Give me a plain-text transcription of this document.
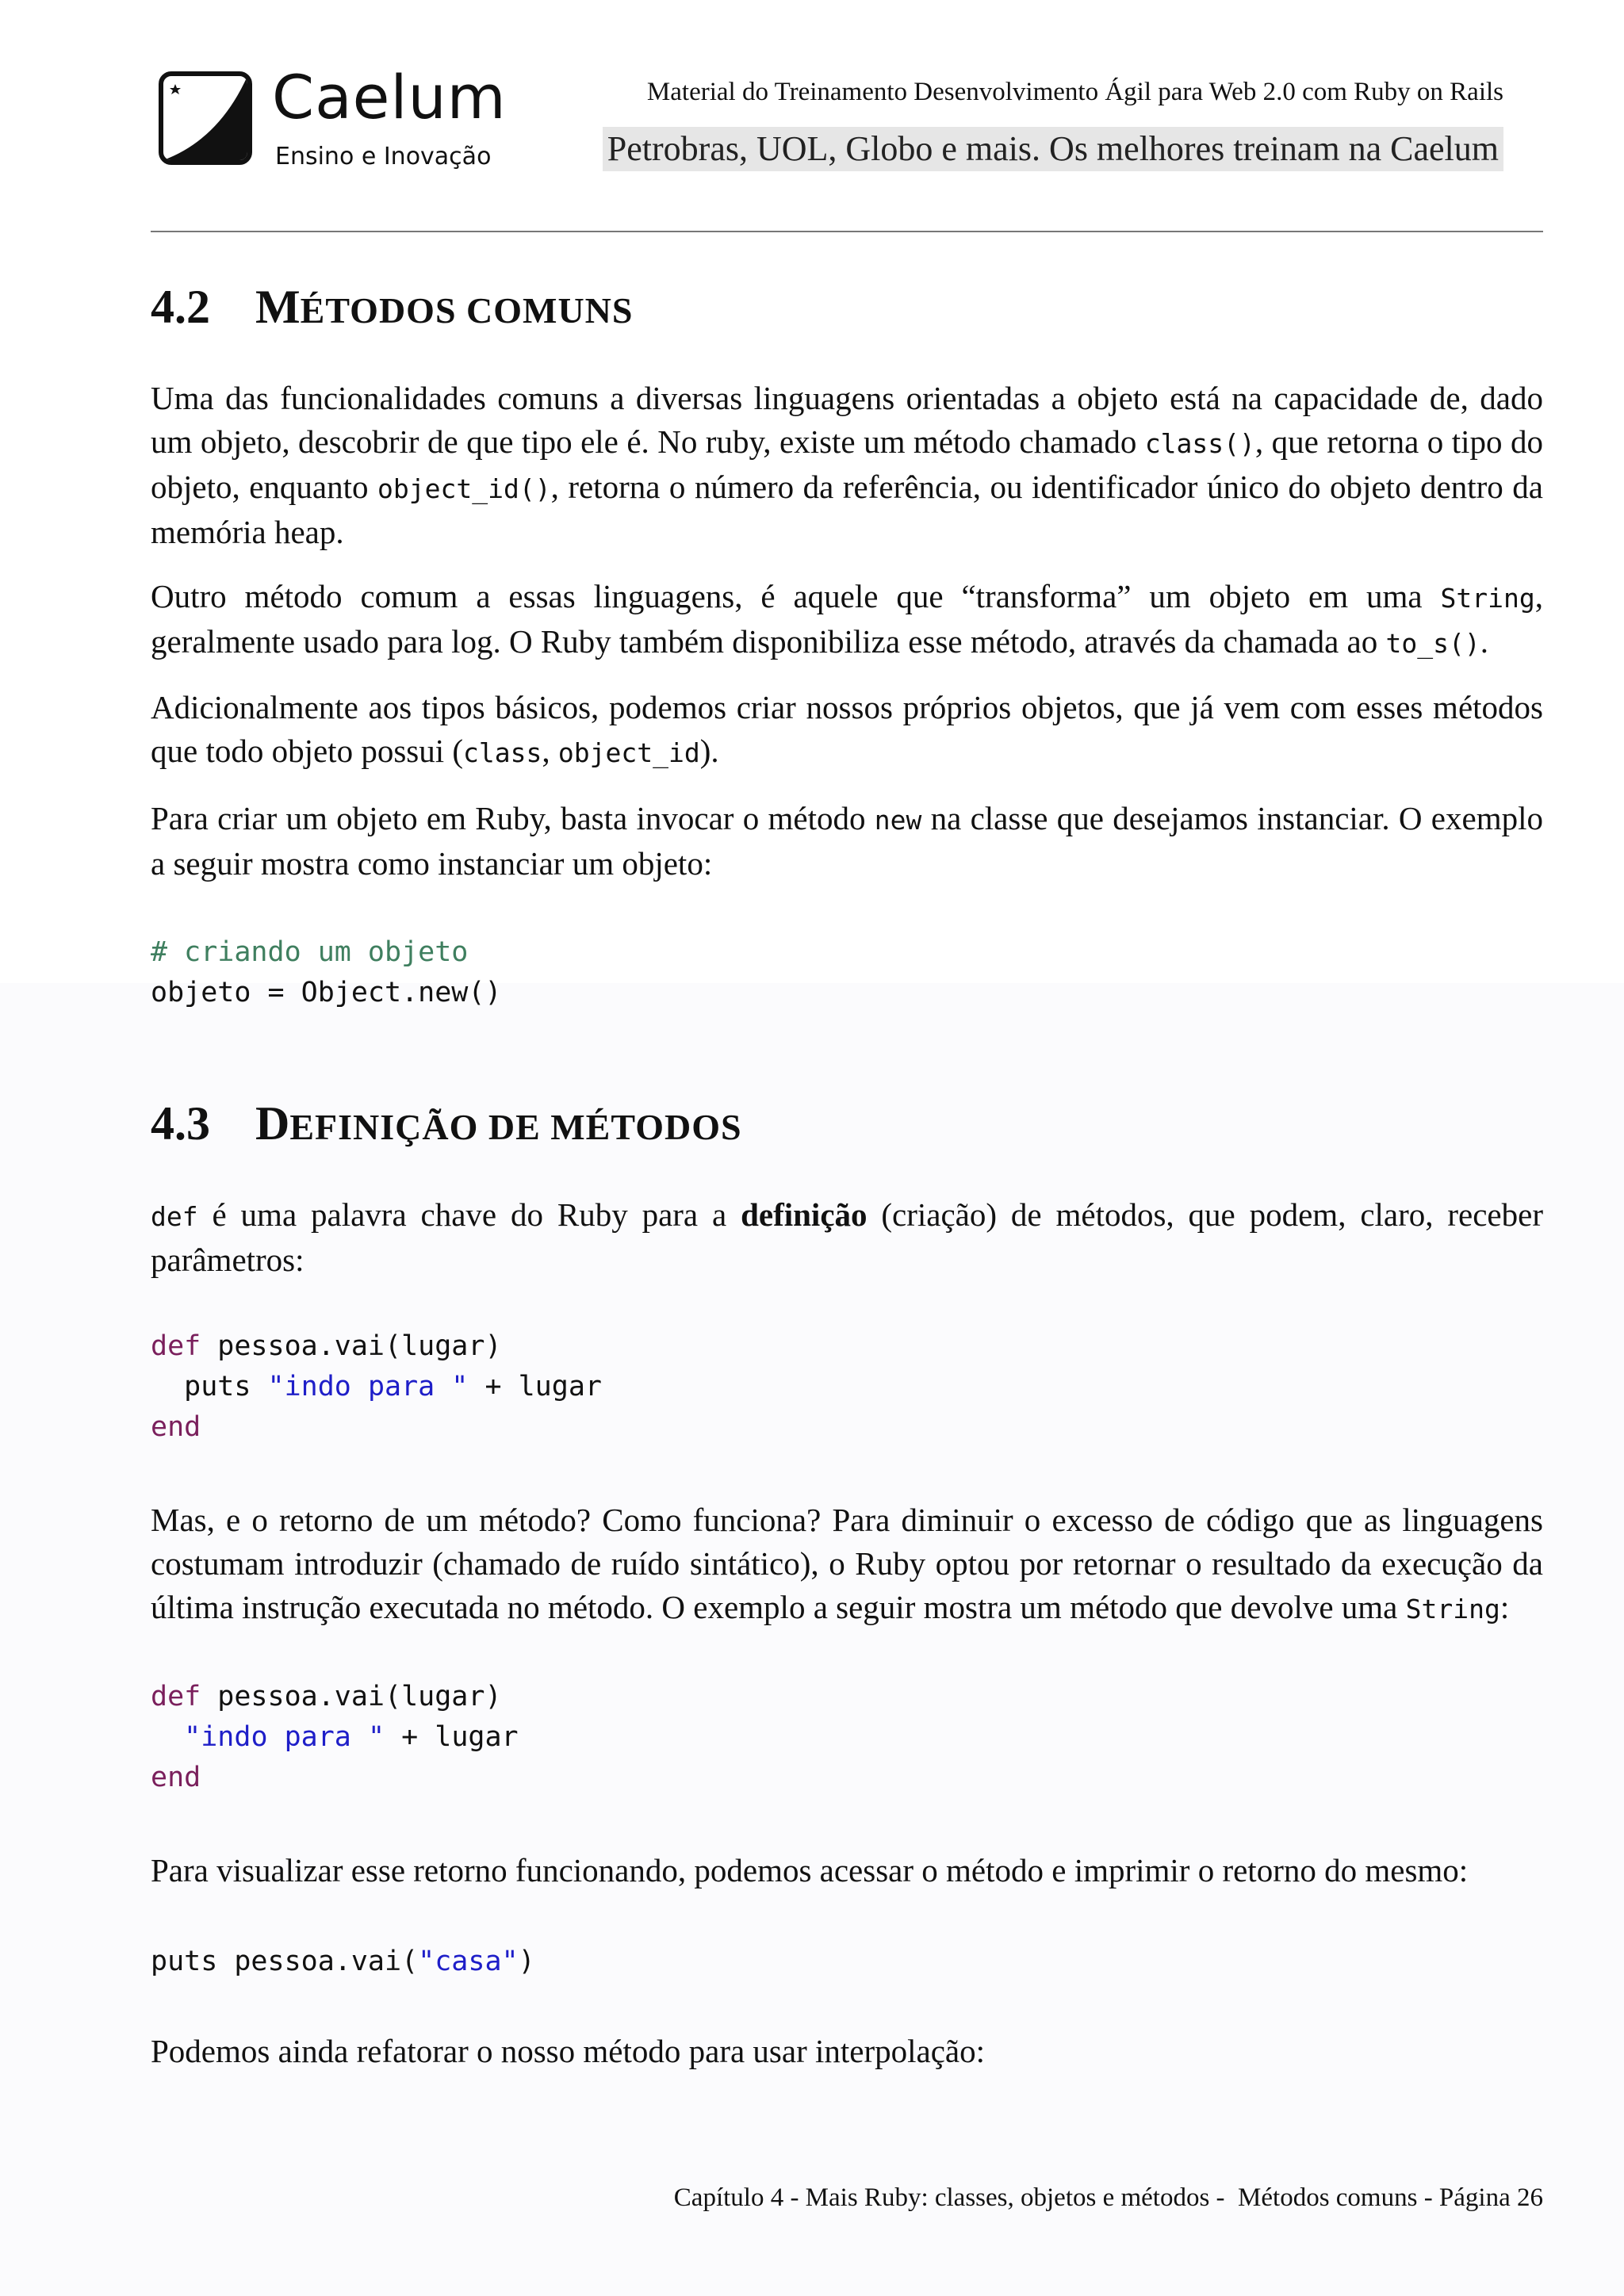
Caelum
Ensino e Inovação
Material do Treinamento Desenvolvimento Ágil para Web 2.0 com Ruby on Rails
Petrobras, UOL, Globo e mais. Os melhores treinam na Caelum
4.2 MÉTODOS COMUNS

Uma das funcionalidades comuns a diversas linguagens orientadas a objeto está na capacidade de, dado um objeto, descobrir de que tipo ele é. No ruby, existe um método chamado class(), que retorna o tipo do objeto, enquanto object_id(), retorna o número da referência, ou identificador único do objeto dentro da memória heap.

Outro método comum a essas linguagens, é aquele que “transforma” um objeto em uma String, geralmente usado para log. O Ruby também disponibiliza esse método, através da chamada ao to_s().

Adicionalmente aos tipos básicos, podemos criar nossos próprios objetos, que já vem com esses métodos que todo objeto possui (class, object_id).

Para criar um objeto em Ruby, basta invocar o método new na classe que desejamos instanciar. O exemplo a seguir mostra como instanciar um objeto:

# criando um objeto
objeto = Object.new()
4.3 DEFINIÇÃO DE MÉTODOS

def é uma palavra chave do Ruby para a definição (criação) de métodos, que podem, claro, receber parâmetros:

def pessoa.vai(lugar)
puts "indo para " + lugar
end

Mas, e o retorno de um método? Como funciona? Para diminuir o excesso de código que as linguagens costumam introduzir (chamado de ruído sintático), o Ruby optou por retornar o resultado da execução da última instrução executada no método. O exemplo a seguir mostra um método que devolve uma String:

def pessoa.vai(lugar)
"indo para " + lugar
end

Para visualizar esse retorno funcionando, podemos acessar o método e imprimir o retorno do mesmo:

puts pessoa.vai("casa")

Podemos ainda refatorar o nosso método para usar interpolação:

Capítulo 4 - Mais Ruby: classes, objetos e métodos -  Métodos comuns - Página 26
